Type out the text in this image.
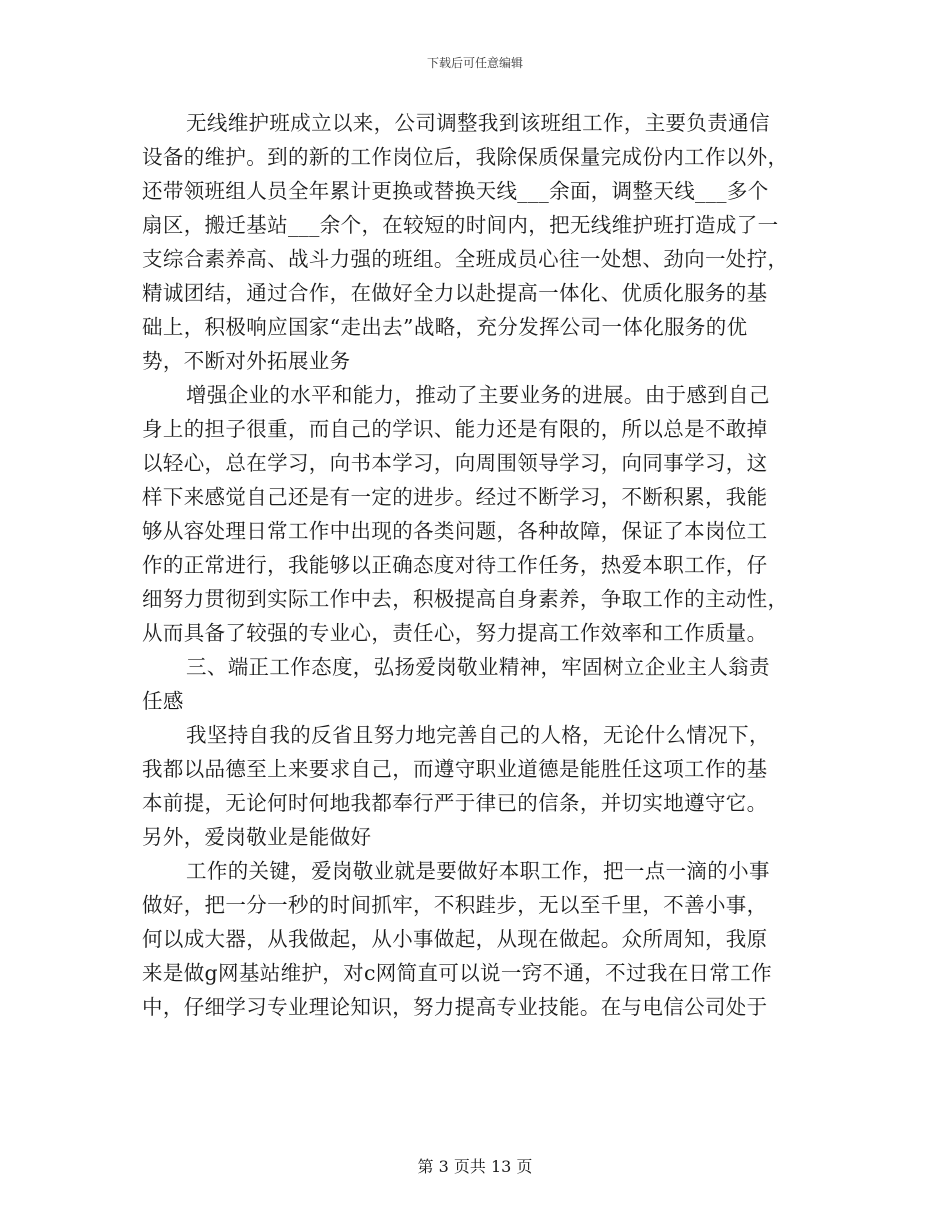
下载后可任意编辑
无线维护班成立以来，公司调整我到该班组工作，主要负责通信
设备的维护。到的新的工作岗位后，我除保质保量完成份内工作以外，
还带领班组人员全年累计更换或替换天线___余面，调整天线___多个
扇区，搬迁基站___余个，在较短的时间内，把无线维护班打造成了一
支综合素养高、战斗力强的班组。全班成员心往一处想、劲向一处拧，
精诚团结，通过合作，在做好全力以赴提高一体化、优质化服务的基
础上，积极响应国家“走出去”战略，充分发挥公司一体化服务的优
势，不断对外拓展业务
增强企业的水平和能力，推动了主要业务的进展。由于感到自己
身上的担子很重，而自己的学识、能力还是有限的，所以总是不敢掉
以轻心，总在学习，向书本学习，向周围领导学习，向同事学习，这
样下来感觉自己还是有一定的进步。经过不断学习，不断积累，我能
够从容处理日常工作中出现的各类问题，各种故障，保证了本岗位工
作的正常进行，我能够以正确态度对待工作任务，热爱本职工作，仔
细努力贯彻到实际工作中去，积极提高自身素养，争取工作的主动性，
从而具备了较强的专业心，责任心，努力提高工作效率和工作质量。
三、端正工作态度，弘扬爱岗敬业精神，牢固树立企业主人翁责
任感
我坚持自我的反省且努力地完善自己的人格，无论什么情况下，
我都以品德至上来要求自己，而遵守职业道德是能胜任这项工作的基
本前提，无论何时何地我都奉行严于律已的信条，并切实地遵守它。
另外，爱岗敬业是能做好
工作的关键，爱岗敬业就是要做好本职工作，把一点一滴的小事
做好，把一分一秒的时间抓牢，不积跬步，无以至千里，不善小事，
何以成大器，从我做起，从小事做起，从现在做起。众所周知，我原
来是做g网基站维护，对c网简直可以说一窍不通，不过我在日常工作
中，仔细学习专业理论知识，努力提高专业技能。在与电信公司处于
第 3 页共 13 页
